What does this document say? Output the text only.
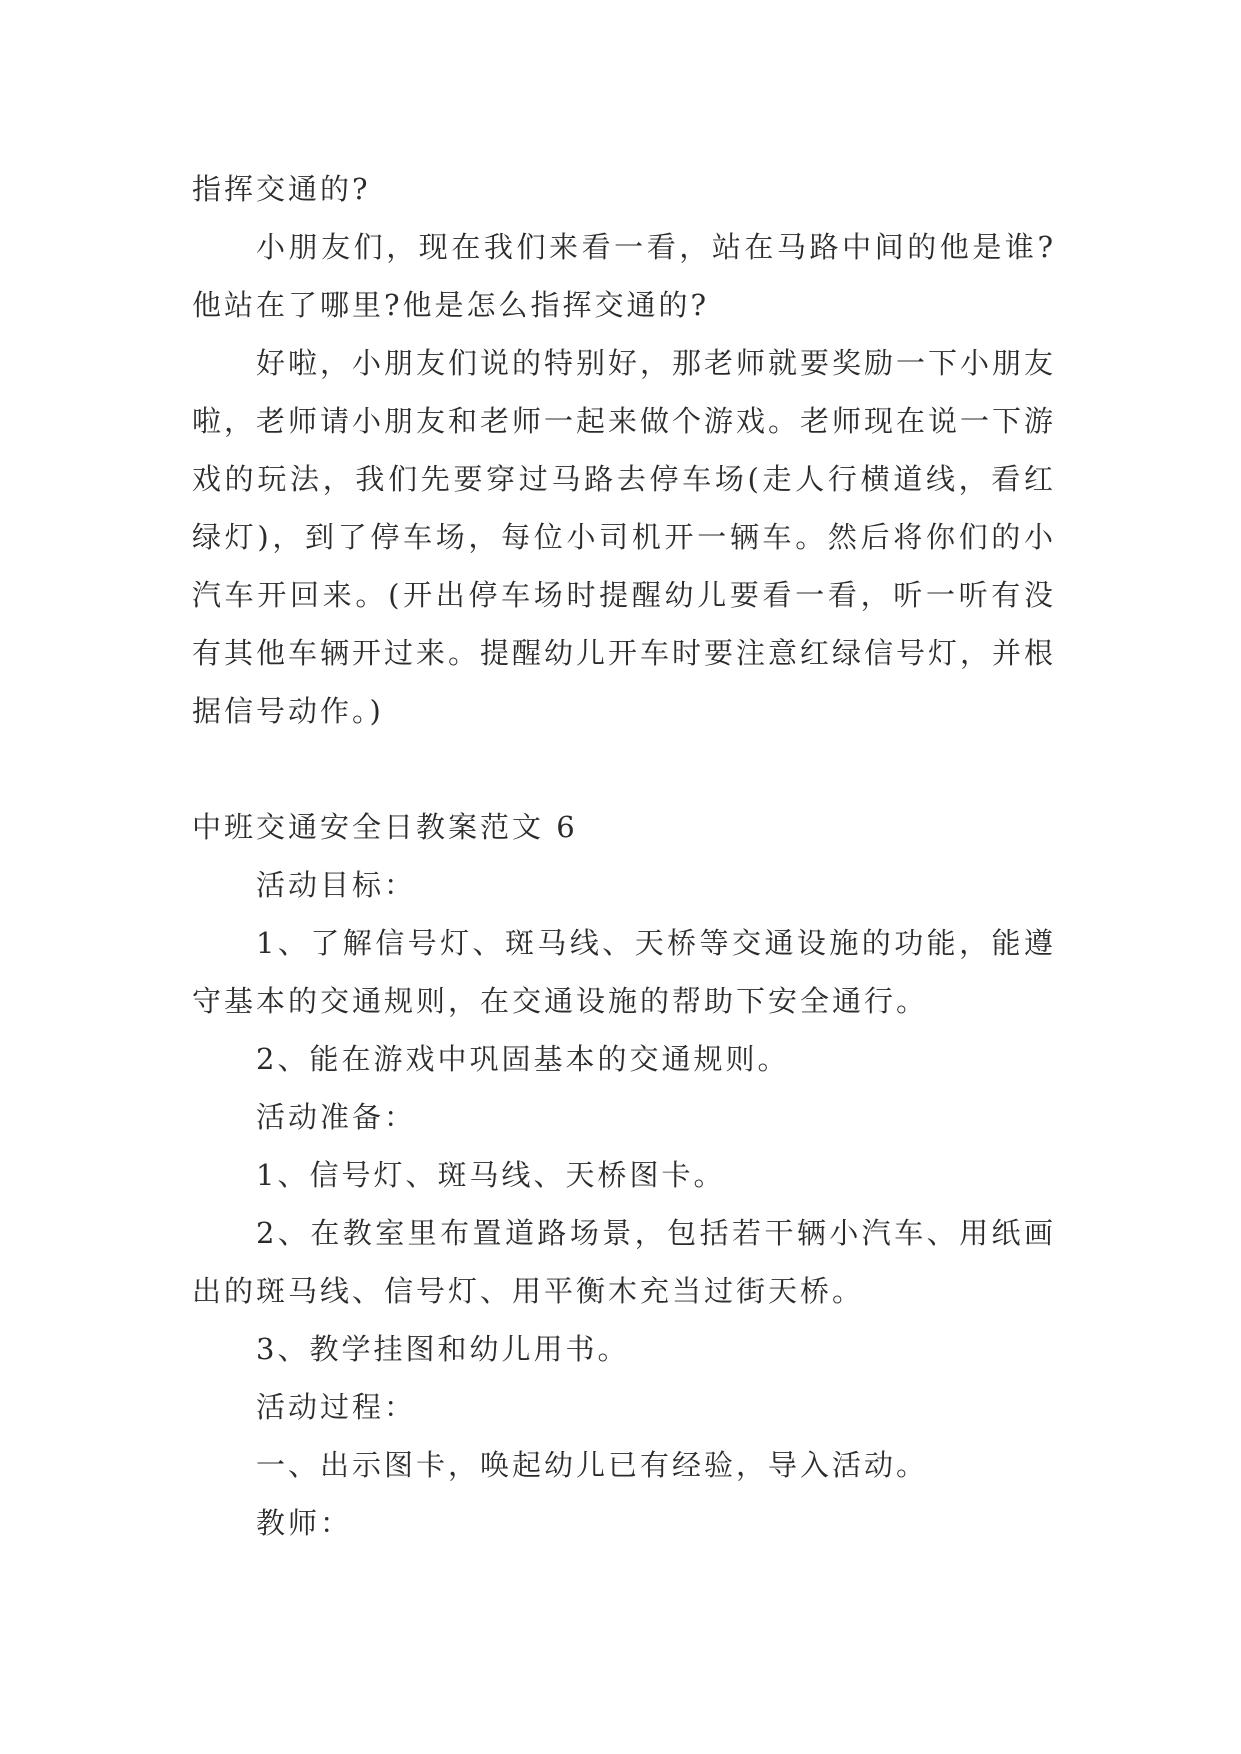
指挥交通的?

小朋友们，现在我们来看一看，站在马路中间的他是谁?他站在了哪里?他是怎么指挥交通的?

好啦，小朋友们说的特别好，那老师就要奖励一下小朋友啦，老师请小朋友和老师一起来做个游戏。老师现在说一下游戏的玩法，我们先要穿过马路去停车场(走人行横道线，看红绿灯)，到了停车场，每位小司机开一辆车。然后将你们的小汽车开回来。(开出停车场时提醒幼儿要看一看，听一听有没有其他车辆开过来。提醒幼儿开车时要注意红绿信号灯，并根据信号动作。)

中班交通安全日教案范文 6

活动目标：

1、了解信号灯、斑马线、天桥等交通设施的功能，能遵守基本的交通规则，在交通设施的帮助下安全通行。

2、能在游戏中巩固基本的交通规则。

活动准备：

1、信号灯、斑马线、天桥图卡。

2、在教室里布置道路场景，包括若干辆小汽车、用纸画出的斑马线、信号灯、用平衡木充当过街天桥。

3、教学挂图和幼儿用书。

活动过程：

一、出示图卡，唤起幼儿已有经验，导入活动。

教师：
